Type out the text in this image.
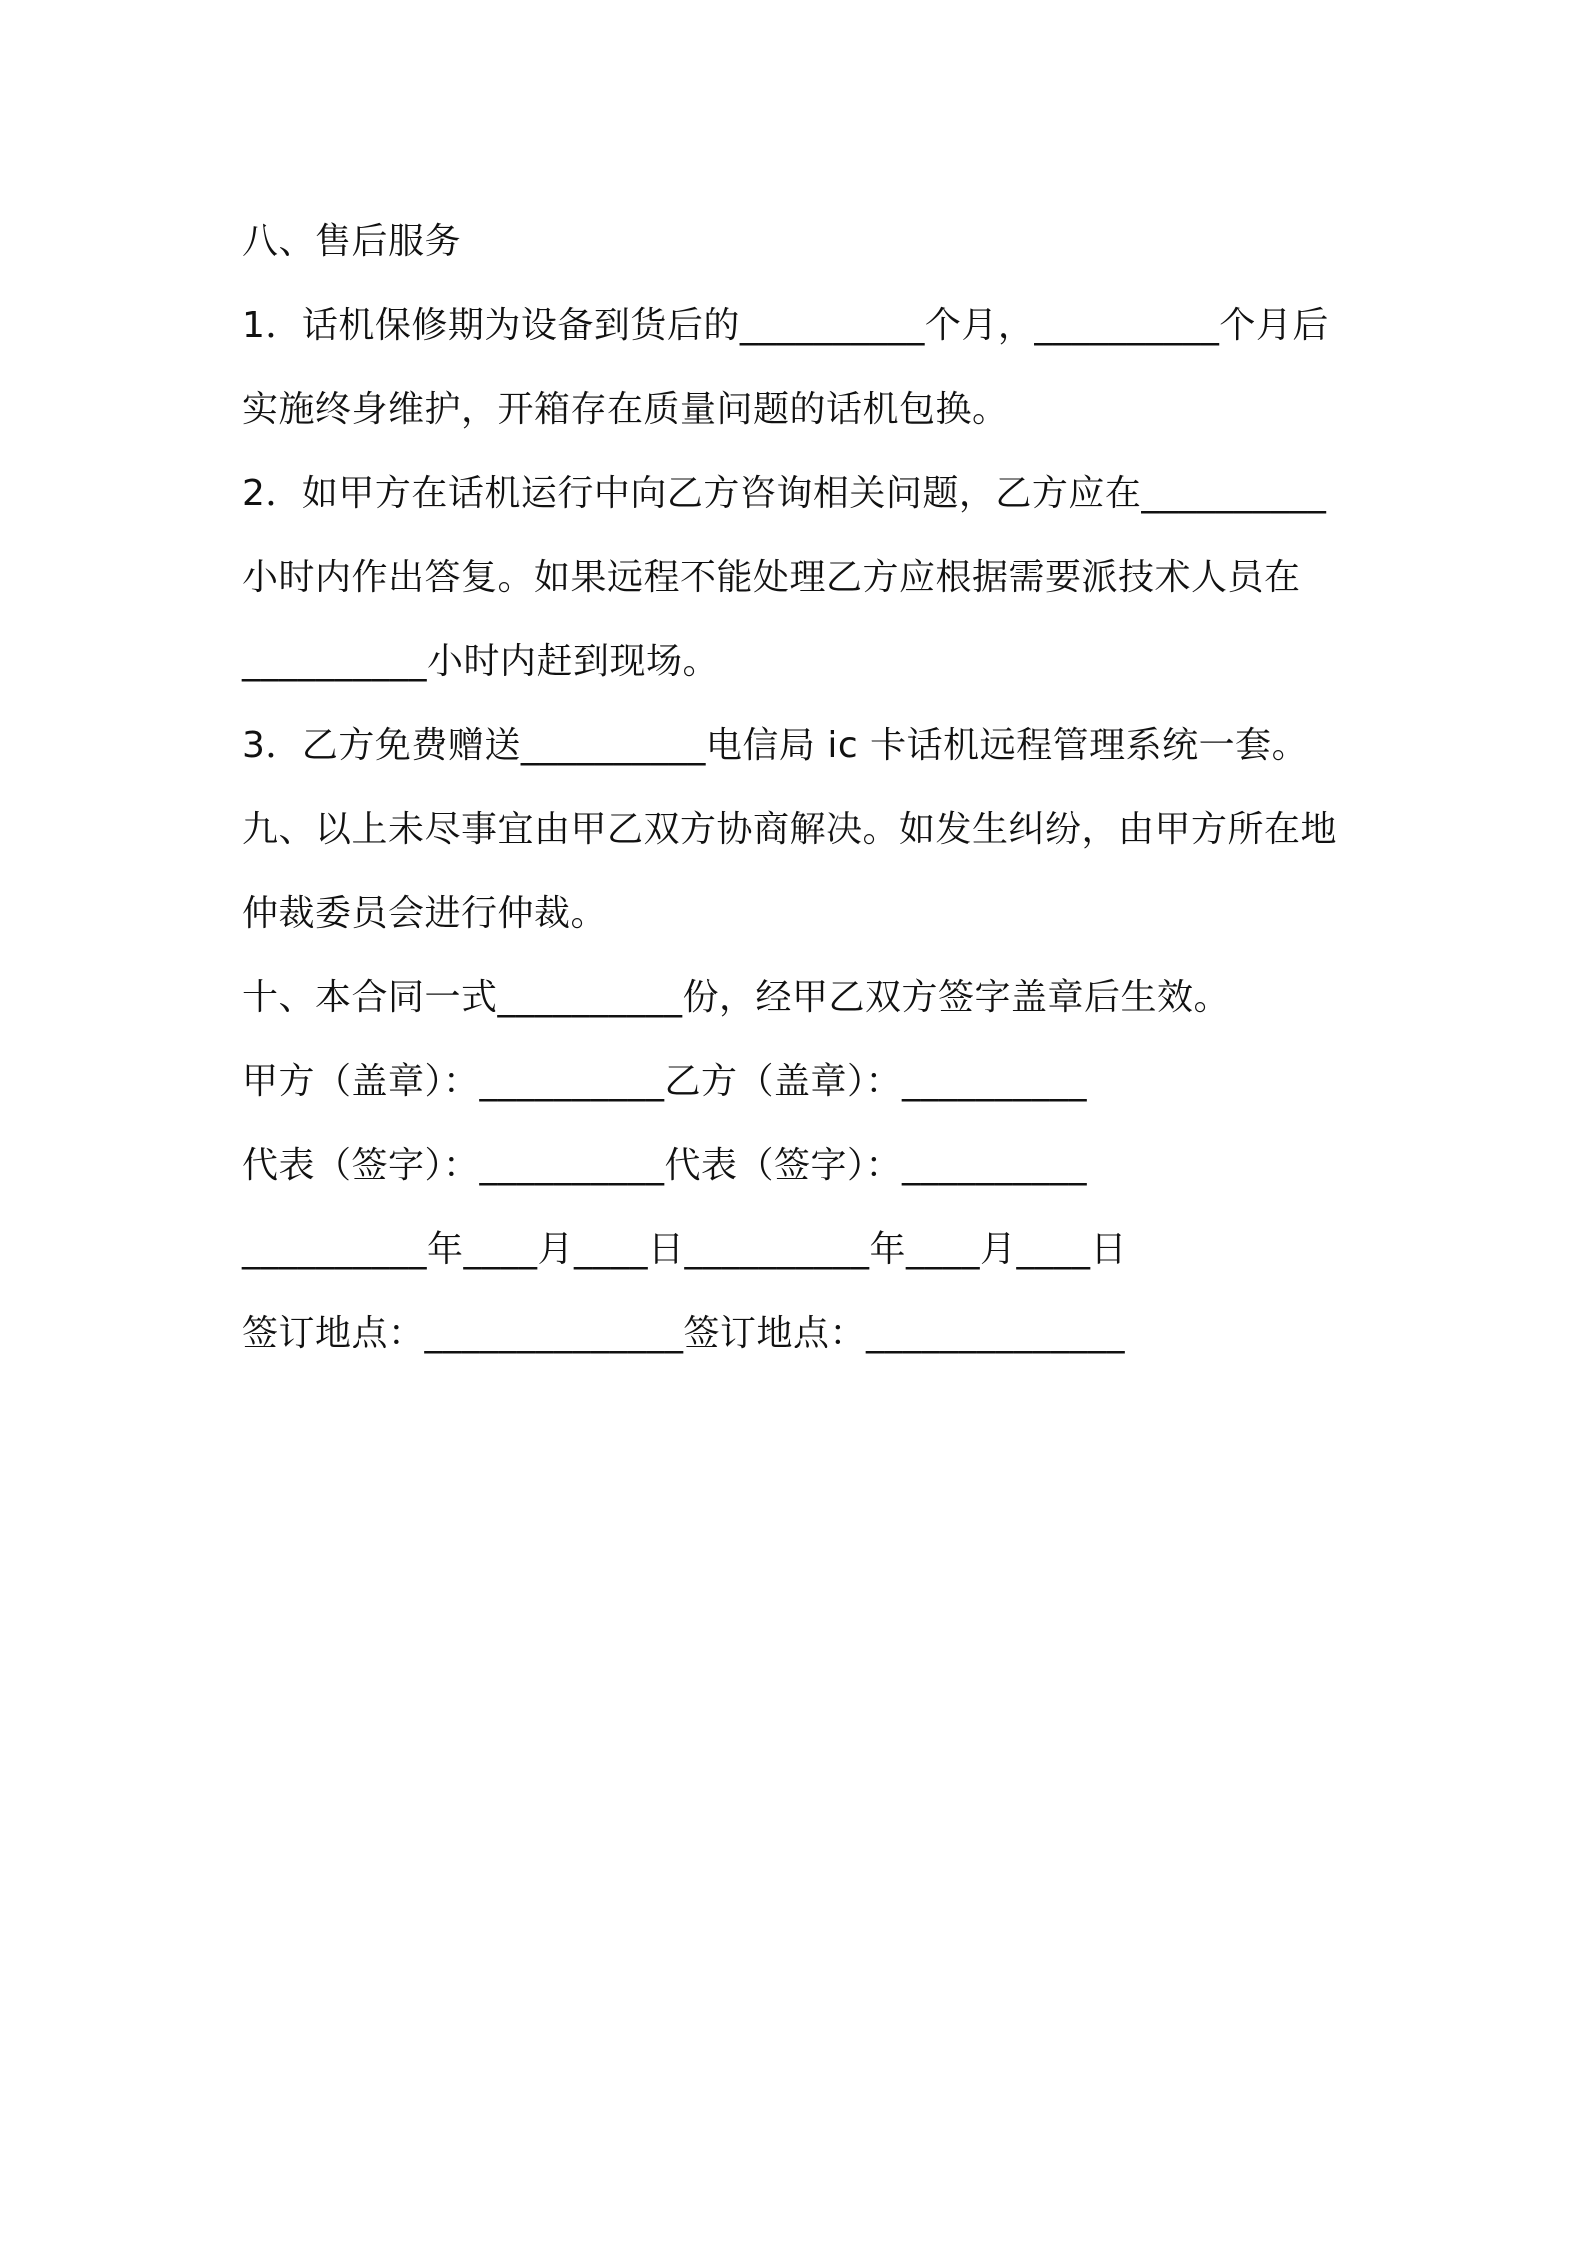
八、售后服务
1．话机保修期为设备到货后的__________个月，__________个月后
实施终身维护，开箱存在质量问题的话机包换。
2．如甲方在话机运行中向乙方咨询相关问题，乙方应在__________
小时内作出答复。如果远程不能处理乙方应根据需要派技术人员在
__________小时内赶到现场。
3．乙方免费赠送__________电信局 ic 卡话机远程管理系统一套。
九、以上未尽事宜由甲乙双方协商解决。如发生纠纷，由甲方所在地
仲裁委员会进行仲裁。
十、本合同一式__________份，经甲乙双方签字盖章后生效。
甲方（盖章）：__________乙方（盖章）：__________
代表（签字）：__________代表（签字）：__________
__________年____月____日__________年____月____日
签订地点：______________签订地点：______________
